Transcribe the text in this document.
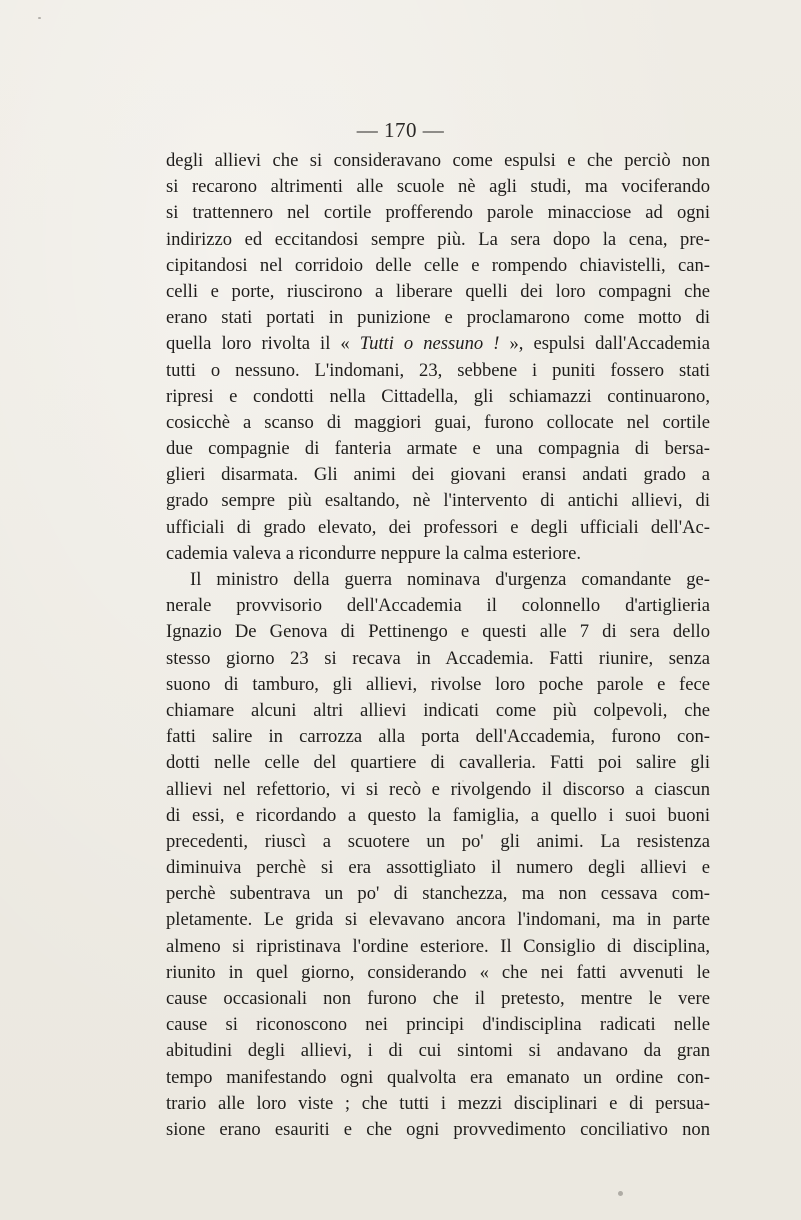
— 170 —
degli allievi che si consideravano come espulsi e che perciò non
si recarono altrimenti alle scuole nè agli studi, ma vociferando
si trattennero nel cortile profferendo parole minacciose ad ogni
indirizzo ed eccitandosi sempre più. La sera dopo la cena, pre-
cipitandosi nel corridoio delle celle e rompendo chiavistelli, can-
celli e porte, riuscirono a liberare quelli dei loro compagni che
erano stati portati in punizione e proclamarono come motto di
quella loro rivolta il « Tutti o nessuno ! », espulsi dall'Accademia
tutti o nessuno. L'indomani, 23, sebbene i puniti fossero stati
ripresi e condotti nella Cittadella, gli schiamazzi continuarono,
cosicchè a scanso di maggiori guai, furono collocate nel cortile
due compagnie di fanteria armate e una compagnia di bersa-
glieri disarmata. Gli animi dei giovani eransi andati grado a
grado sempre più esaltando, nè l'intervento di antichi allievi, di
ufficiali di grado elevato, dei professori e degli ufficiali dell'Ac-
cademia valeva a ricondurre neppure la calma esteriore.
Il ministro della guerra nominava d'urgenza comandante ge-
nerale provvisorio dell'Accademia il colonnello d'artiglieria
Ignazio De Genova di Pettinengo e questi alle 7 di sera dello
stesso giorno 23 si recava in Accademia. Fatti riunire, senza
suono di tamburo, gli allievi, rivolse loro poche parole e fece
chiamare alcuni altri allievi indicati come più colpevoli, che
fatti salire in carrozza alla porta dell'Accademia, furono con-
dotti nelle celle del quartiere di cavalleria. Fatti poi salire gli
allievi nel refettorio, vi si recò e rivolgendo il discorso a ciascun
di essi, e ricordando a questo la famiglia, a quello i suoi buoni
precedenti, riuscì a scuotere un po' gli animi. La resistenza
diminuiva perchè si era assottigliato il numero degli allievi e
perchè subentrava un po' di stanchezza, ma non cessava com-
pletamente. Le grida si elevavano ancora l'indomani, ma in parte
almeno si ripristinava l'ordine esteriore. Il Consiglio di disciplina,
riunito in quel giorno, considerando « che nei fatti avvenuti le
cause occasionali non furono che il pretesto, mentre le vere
cause si riconoscono nei principi d'indisciplina radicati nelle
abitudini degli allievi, i di cui sintomi si andavano da gran
tempo manifestando ogni qualvolta era emanato un ordine con-
trario alle loro viste ; che tutti i mezzi disciplinari e di persua-
sione erano esauriti e che ogni provvedimento conciliativo non
